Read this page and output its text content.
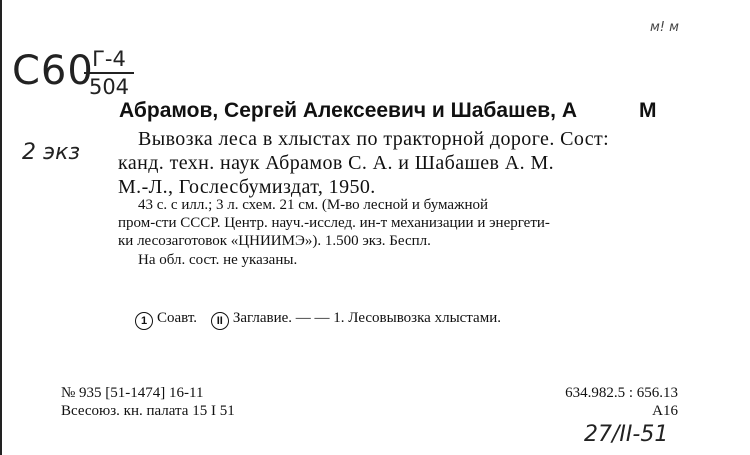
С60
Г-4
504
2 экз
м! м
Абрамов, Сергей Алексеевич и Шабашев, А	М
Вывозка леса в хлыстах по тракторной дороге. Сост:
канд. техн. наук Абрамов С. А. и Шабашев А. М.
М.-Л., Гослесбумиздат, 1950.
43 с. с илл.; 3 л. схем. 21 см. (М-во лесной и бумажной
пром-сти СССР. Центр. науч.-исслед. ин-т механизации и энергети-
ки лесозаготовок «ЦНИИМЭ»). 1.500 экз. Беспл.
На обл. сост. не указаны.
1 Соавт. II Заглавие. — — 1. Лесовывозка хлыстами.
№ 935 [51-1474] 16-11
Всесоюз. кн. палата 15 I 51
634.982.5 : 656.13
А16
27/II-51
